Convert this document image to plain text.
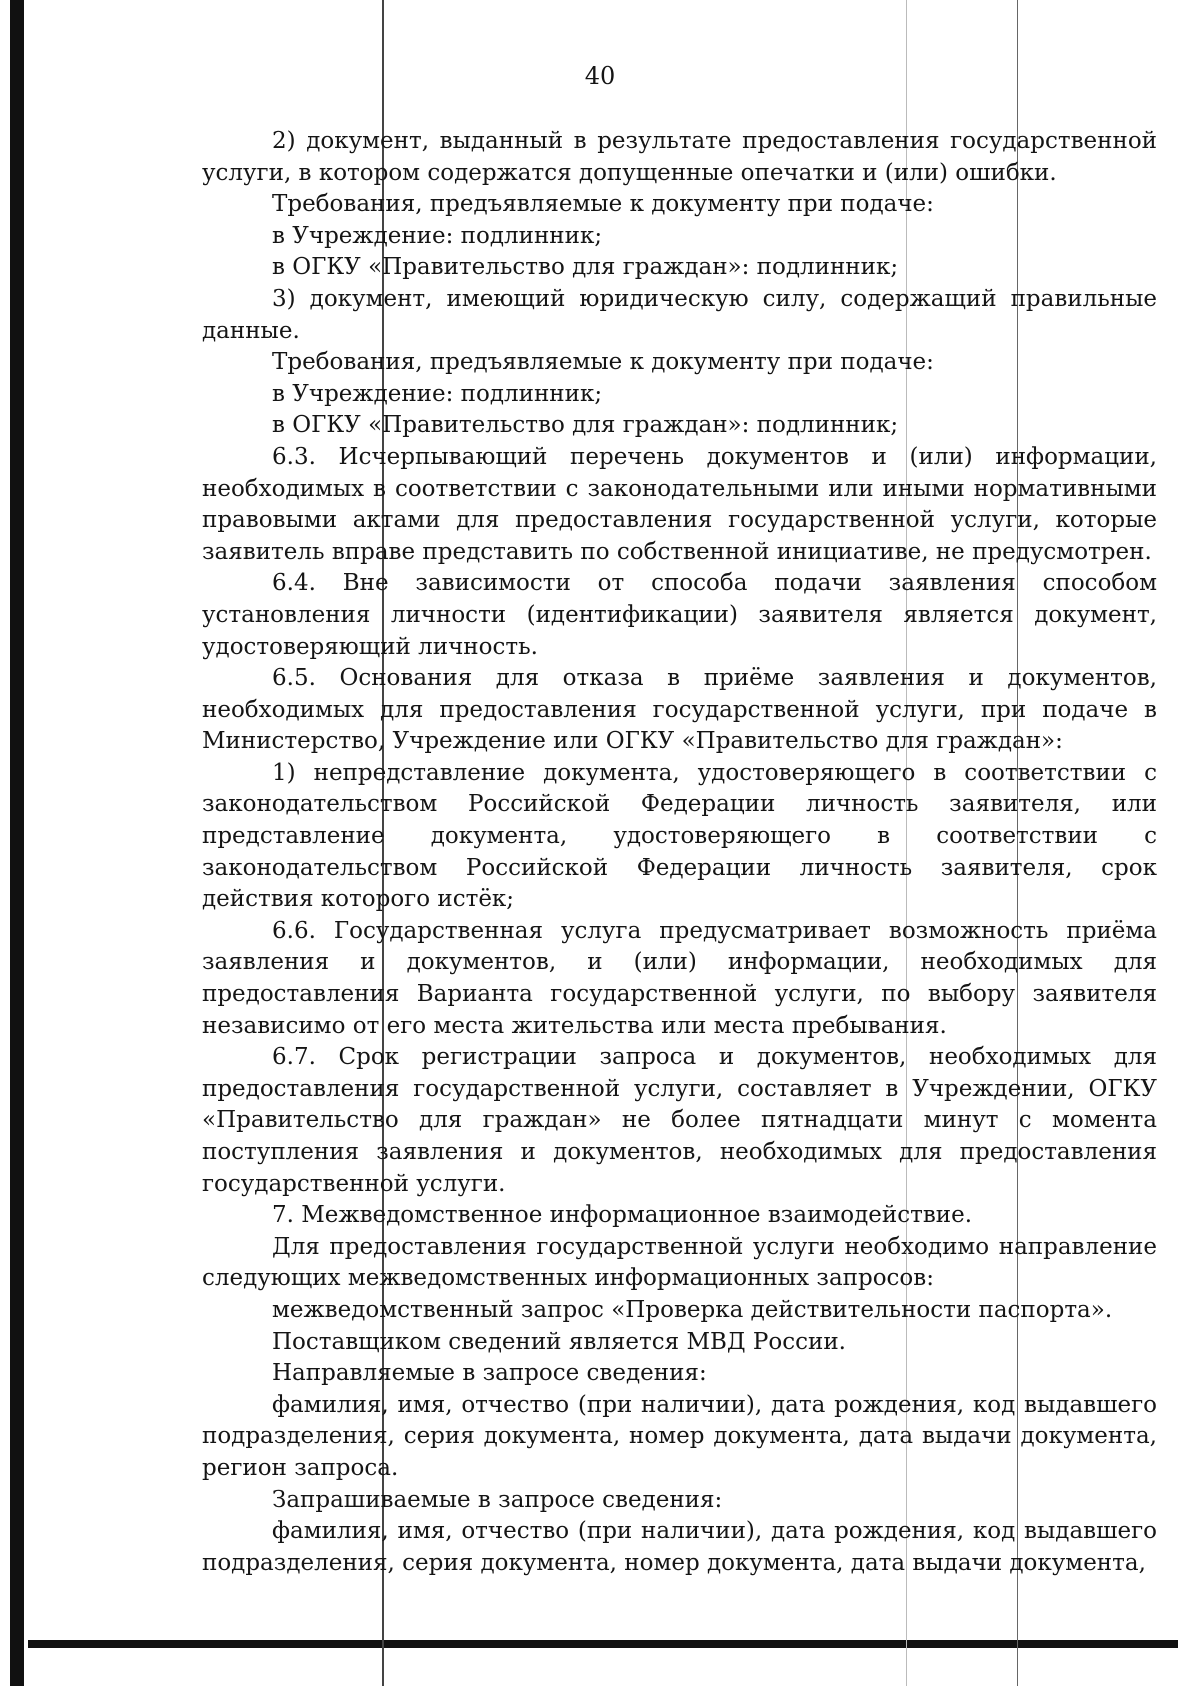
40

2) документ, выданный в результате предоставления государственной услуги, в котором содержатся допущенные опечатки и (или) ошибки.

Требования, предъявляемые к документу при подаче:

в Учреждение: подлинник;

в ОГКУ «Правительство для граждан»: подлинник;

3) документ, имеющий юридическую силу, содержащий правильные данные.

Требования, предъявляемые к документу при подаче:

в Учреждение: подлинник;

в ОГКУ «Правительство для граждан»: подлинник;

6.3. Исчерпывающий перечень документов и (или) информации, необходимых в соответствии с законодательными или иными нормативными правовыми актами для предоставления государственной услуги, которые заявитель вправе представить по собственной инициативе, не предусмотрен.

6.4. Вне зависимости от способа подачи заявления способом установления личности (идентификации) заявителя является документ, удостоверяющий личность.

6.5. Основания для отказа в приёме заявления и документов, необходимых для предоставления государственной услуги, при подаче в Министерство, Учреждение или ОГКУ «Правительство для граждан»:

1) непредставление документа, удостоверяющего в соответствии с законодательством Российской Федерации личность заявителя, или представление документа, удостоверяющего в соответствии с законодательством Российской Федерации личность заявителя, срок действия которого истёк;

6.6. Государственная услуга предусматривает возможность приёма заявления и документов, и (или) информации, необходимых для предоставления Варианта государственной услуги, по выбору заявителя независимо от его места жительства или места пребывания.

6.7. Срок регистрации запроса и документов, необходимых для предоставления государственной услуги, составляет в Учреждении, ОГКУ «Правительство для граждан» не более пятнадцати минут с момента поступления заявления и документов, необходимых для предоставления государственной услуги.

7. Межведомственное информационное взаимодействие.

Для предоставления государственной услуги необходимо направление следующих межведомственных информационных запросов:

межведомственный запрос «Проверка действительности паспорта».

Поставщиком сведений является МВД России.

Направляемые в запросе сведения:

фамилия, имя, отчество (при наличии), дата рождения, код выдавшего подразделения, серия документа, номер документа, дата выдачи документа, регион запроса.

Запрашиваемые в запросе сведения:

фамилия, имя, отчество (при наличии), дата рождения, код выдавшего подразделения, серия документа, номер документа, дата выдачи документа,
